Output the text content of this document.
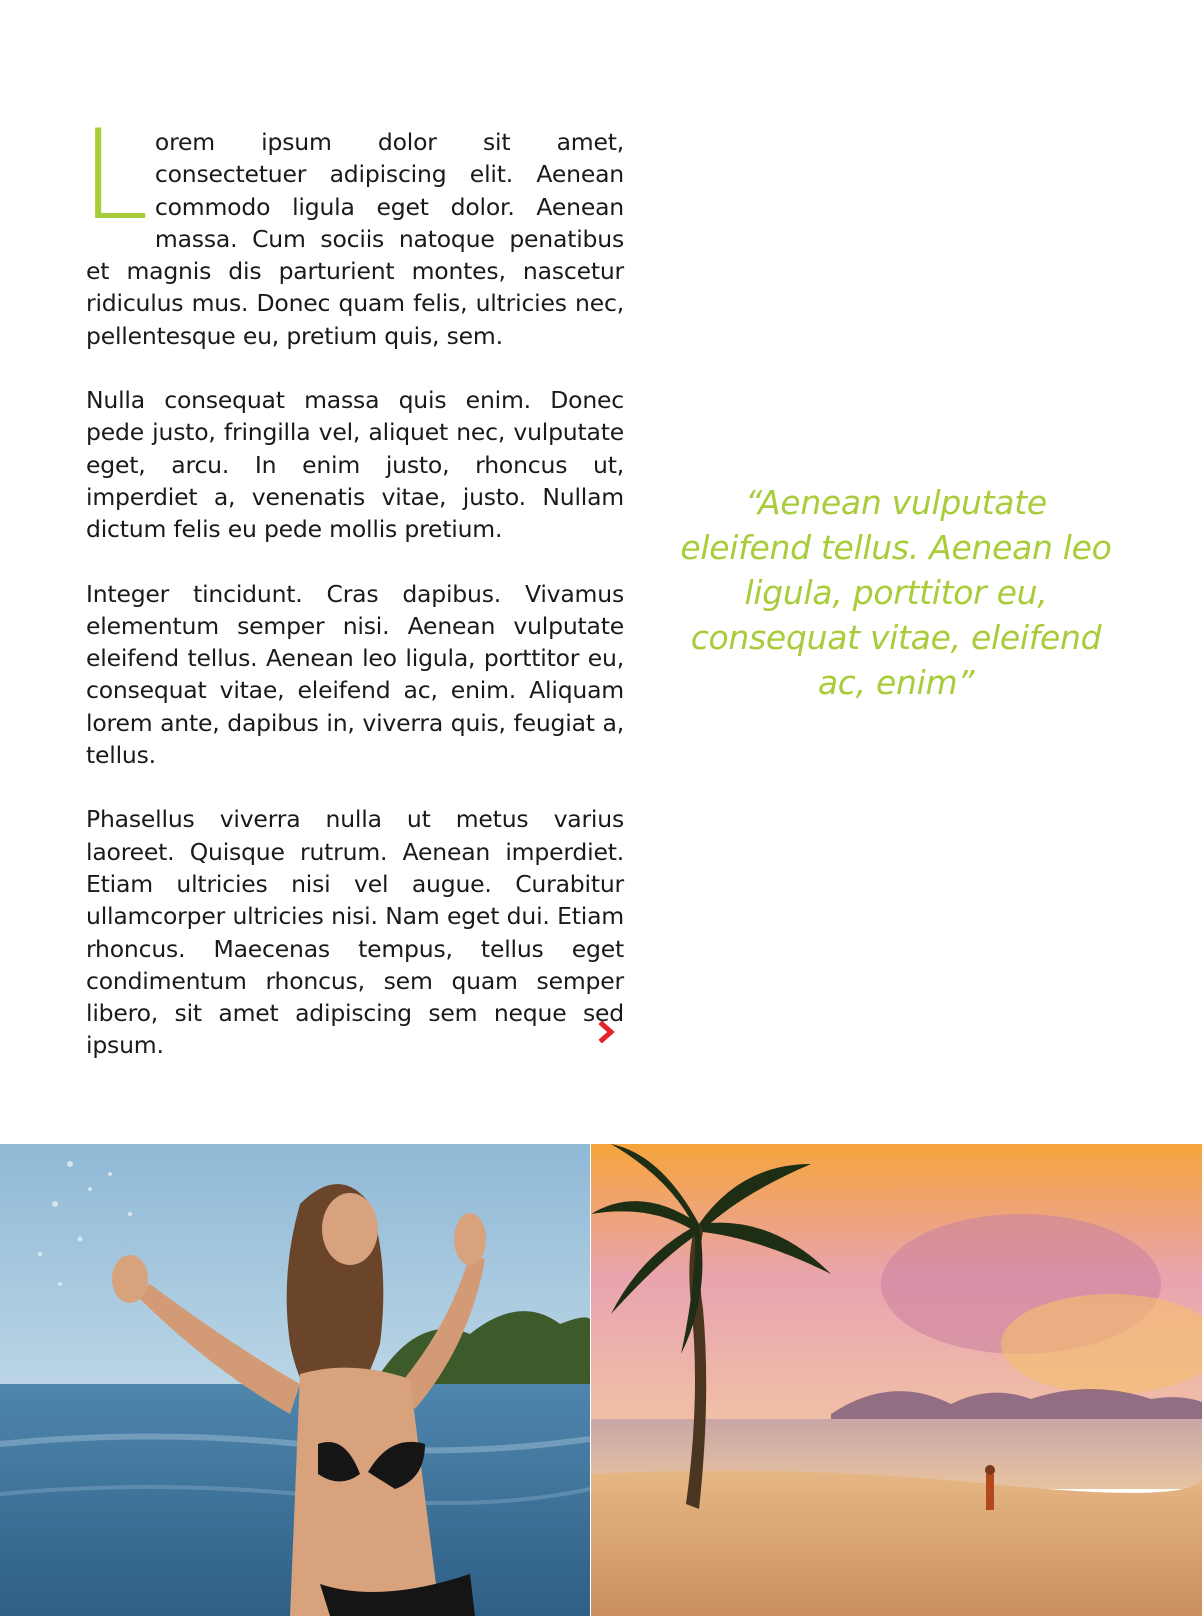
Lorem ipsum dolor sit amet, consectetuer adipiscing elit. Aenean commodo ligula eget dolor. Aenean massa. Cum sociis natoque penatibus et magnis dis parturient montes, nascetur ridiculus mus. Donec quam felis, ultricies nec, pellentesque eu, pretium quis, sem.

Nulla consequat massa quis enim. Donec pede justo, fringilla vel, aliquet nec, vulputate eget, arcu. In enim justo, rhoncus ut, imperdiet a, venenatis vitae, justo. Nullam dictum felis eu pede mollis pretium.

Integer tincidunt. Cras dapibus. Vivamus elementum semper nisi. Aenean vulputate eleifend tellus. Aenean leo ligula, porttitor eu, consequat vitae, eleifend ac, enim. Aliquam lorem ante, dapibus in, viverra quis, feugiat a, tellus.

Phasellus viverra nulla ut metus varius laoreet. Quisque rutrum. Aenean imperdiet. Etiam ultricies nisi vel augue. Curabitur ullamcorper ultricies nisi. Nam eget dui. Etiam rhoncus. Maecenas tempus, tellus eget condimentum rhoncus, sem quam semper libero, sit amet adipiscing sem neque sed ipsum.

“Aenean vulputate eleifend tellus. Aenean leo ligula, porttitor eu, consequat vitae, eleifend ac, enim”
